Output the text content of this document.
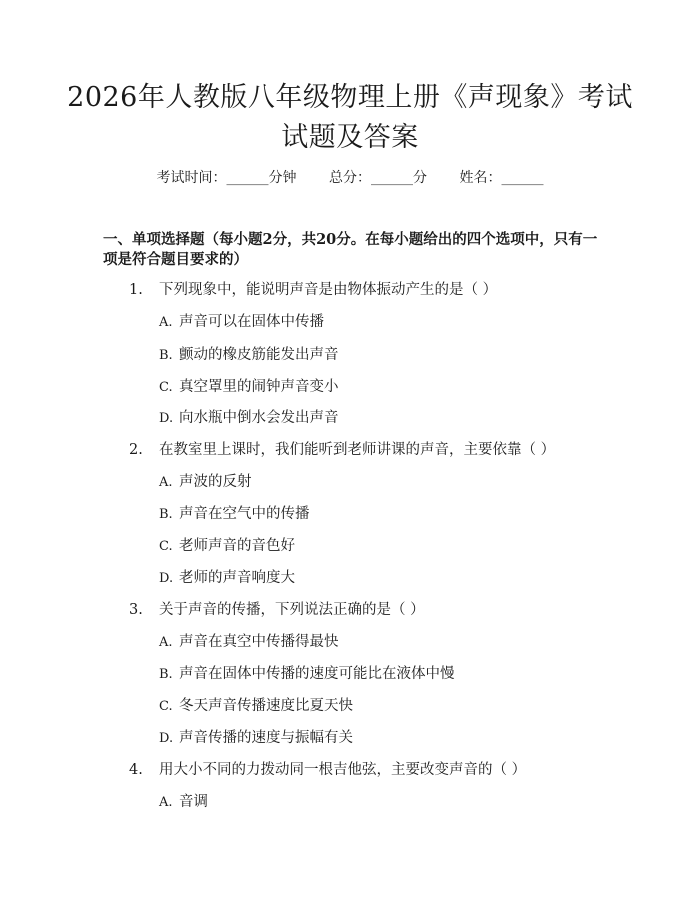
2026年人教版八年级物理上册《声现象》考试试题及答案
考试时间：______分钟 总分：______分 姓名：______

一、单项选择题（每小题2分，共20分。在每小题给出的四个选项中，只有一项是符合题目要求的）

1. 下列现象中，能说明声音是由物体振动产生的是（ ）
A. 声音可以在固体中传播
B. 颤动的橡皮筋能发出声音
C. 真空罩里的闹钟声音变小
D. 向水瓶中倒水会发出声音
2. 在教室里上课时，我们能听到老师讲课的声音，主要依靠（ ）
A. 声波的反射
B. 声音在空气中的传播
C. 老师声音的音色好
D. 老师的声音响度大
3. 关于声音的传播，下列说法正确的是（ ）
A. 声音在真空中传播得最快
B. 声音在固体中传播的速度可能比在液体中慢
C. 冬天声音传播速度比夏天快
D. 声音传播的速度与振幅有关
4. 用大小不同的力拨动同一根吉他弦，主要改变声音的（ ）
A. 音调
